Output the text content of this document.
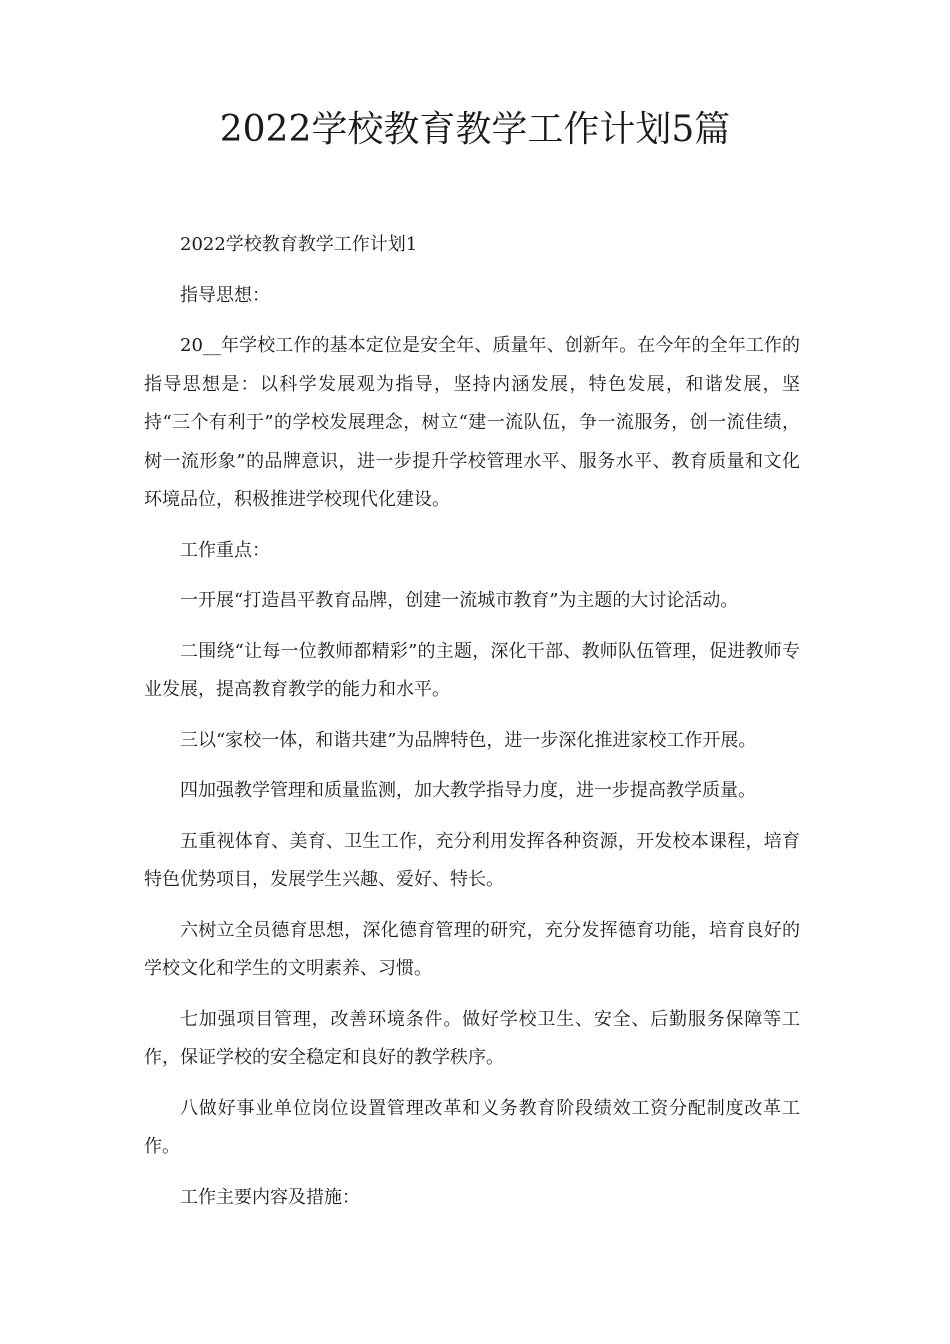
2022学校教育教学工作计划5篇

2022学校教育教学工作计划1

指导思想：

20__年学校工作的基本定位是安全年、质量年、创新年。在今年的全年工作的指导思想是：以科学发展观为指导，坚持内涵发展，特色发展，和谐发展，坚持“三个有利于”的学校发展理念，树立“建一流队伍，争一流服务，创一流佳绩，树一流形象”的品牌意识，进一步提升学校管理水平、服务水平、教育质量和文化环境品位，积极推进学校现代化建设。

工作重点：

一开展“打造昌平教育品牌，创建一流城市教育”为主题的大讨论活动。

二围绕“让每一位教师都精彩”的主题，深化干部、教师队伍管理，促进教师专业发展，提高教育教学的能力和水平。

三以“家校一体，和谐共建”为品牌特色，进一步深化推进家校工作开展。

四加强教学管理和质量监测，加大教学指导力度，进一步提高教学质量。

五重视体育、美育、卫生工作，充分利用发挥各种资源，开发校本课程，培育特色优势项目，发展学生兴趣、爱好、特长。

六树立全员德育思想，深化德育管理的研究，充分发挥德育功能，培育良好的学校文化和学生的文明素养、习惯。

七加强项目管理，改善环境条件。做好学校卫生、安全、后勤服务保障等工作，保证学校的安全稳定和良好的教学秩序。

八做好事业单位岗位设置管理改革和义务教育阶段绩效工资分配制度改革工作。

工作主要内容及措施：
